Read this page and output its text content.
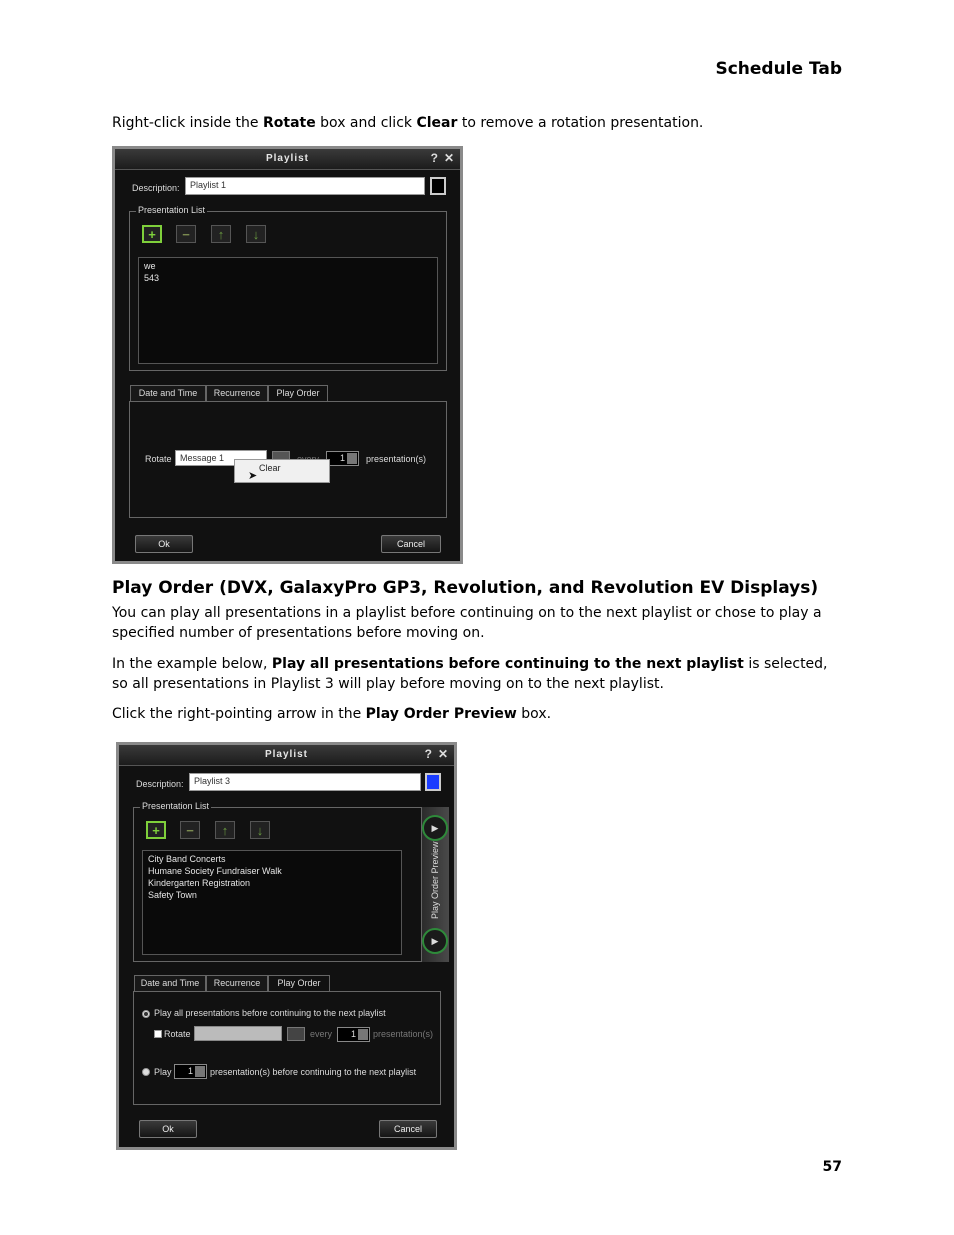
Schedule Tab
Right-click inside the Rotate box and click Clear to remove a rotation presentation.
Playlist	? ✕
Description:	Playlist 1
Presentation List
+	−	↑	↓
we
543
Date and Time	Recurrence	Play Order
Rotate Message 1	1	presentation(s)
Clear
➤
Ok	Cancel
Play Order (DVX, GalaxyPro GP3, Revolution, and Revolution EV Displays)
You can play all presentations in a playlist before continuing on to the next playlist or chose to play a specified number of presentations before moving on.
In the example below, Play all presentations before continuing to the next playlist is selected, so all presentations in Playlist 3 will play before moving on to the next playlist.
Click the right-pointing arrow in the Play Order Preview box.
Playlist	? ✕
Description:	Playlist 3
Presentation List
+	−	↑	↓
City Band Concerts
Humane Society Fundraiser Walk
Kindergarten Registration
Safety Town
▶
Play Order Preview
▶
Date and Time	Recurrence	Play Order
Play all presentations before continuing to the next playlist
Rotate	every	1	presentation(s)
Play	1	presentation(s) before continuing to the next playlist
Ok	Cancel
57
